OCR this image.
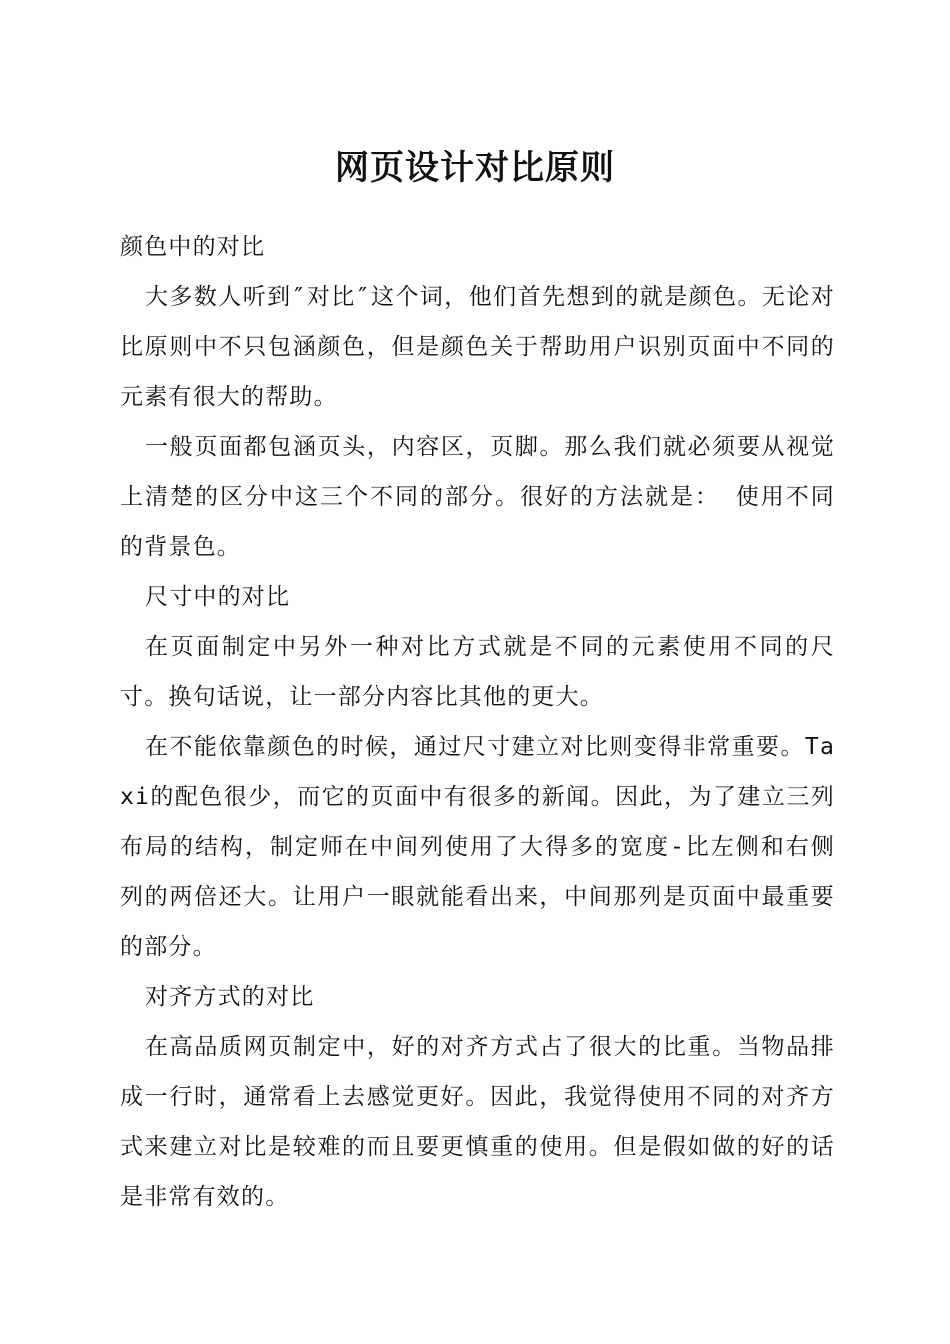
网页设计对比原则

颜色中的对比

大多数人听到″对比″这个词，他们首先想到的就是颜色。无论对比原则中不只包涵颜色，但是颜色关于帮助用户识别页面中不同的元素有很大的帮助。

一般页面都包涵页头，内容区，页脚。那么我们就必须要从视觉上清楚的区分中这三个不同的部分。很好的方法就是： 使用不同的背景色。

尺寸中的对比

在页面制定中另外一种对比方式就是不同的元素使用不同的尺寸。换句话说，让一部分内容比其他的更大。

在不能依靠颜色的时候，通过尺寸建立对比则变得非常重要。Taxi的配色很少，而它的页面中有很多的新闻。因此，为了建立三列布局的结构，制定师在中间列使用了大得多的宽度-比左侧和右侧列的两倍还大。让用户一眼就能看出来，中间那列是页面中最重要的部分。

对齐方式的对比

在高品质网页制定中，好的对齐方式占了很大的比重。当物品排成一行时，通常看上去感觉更好。因此，我觉得使用不同的对齐方式来建立对比是较难的而且要更慎重的使用。但是假如做的好的话是非常有效的。
